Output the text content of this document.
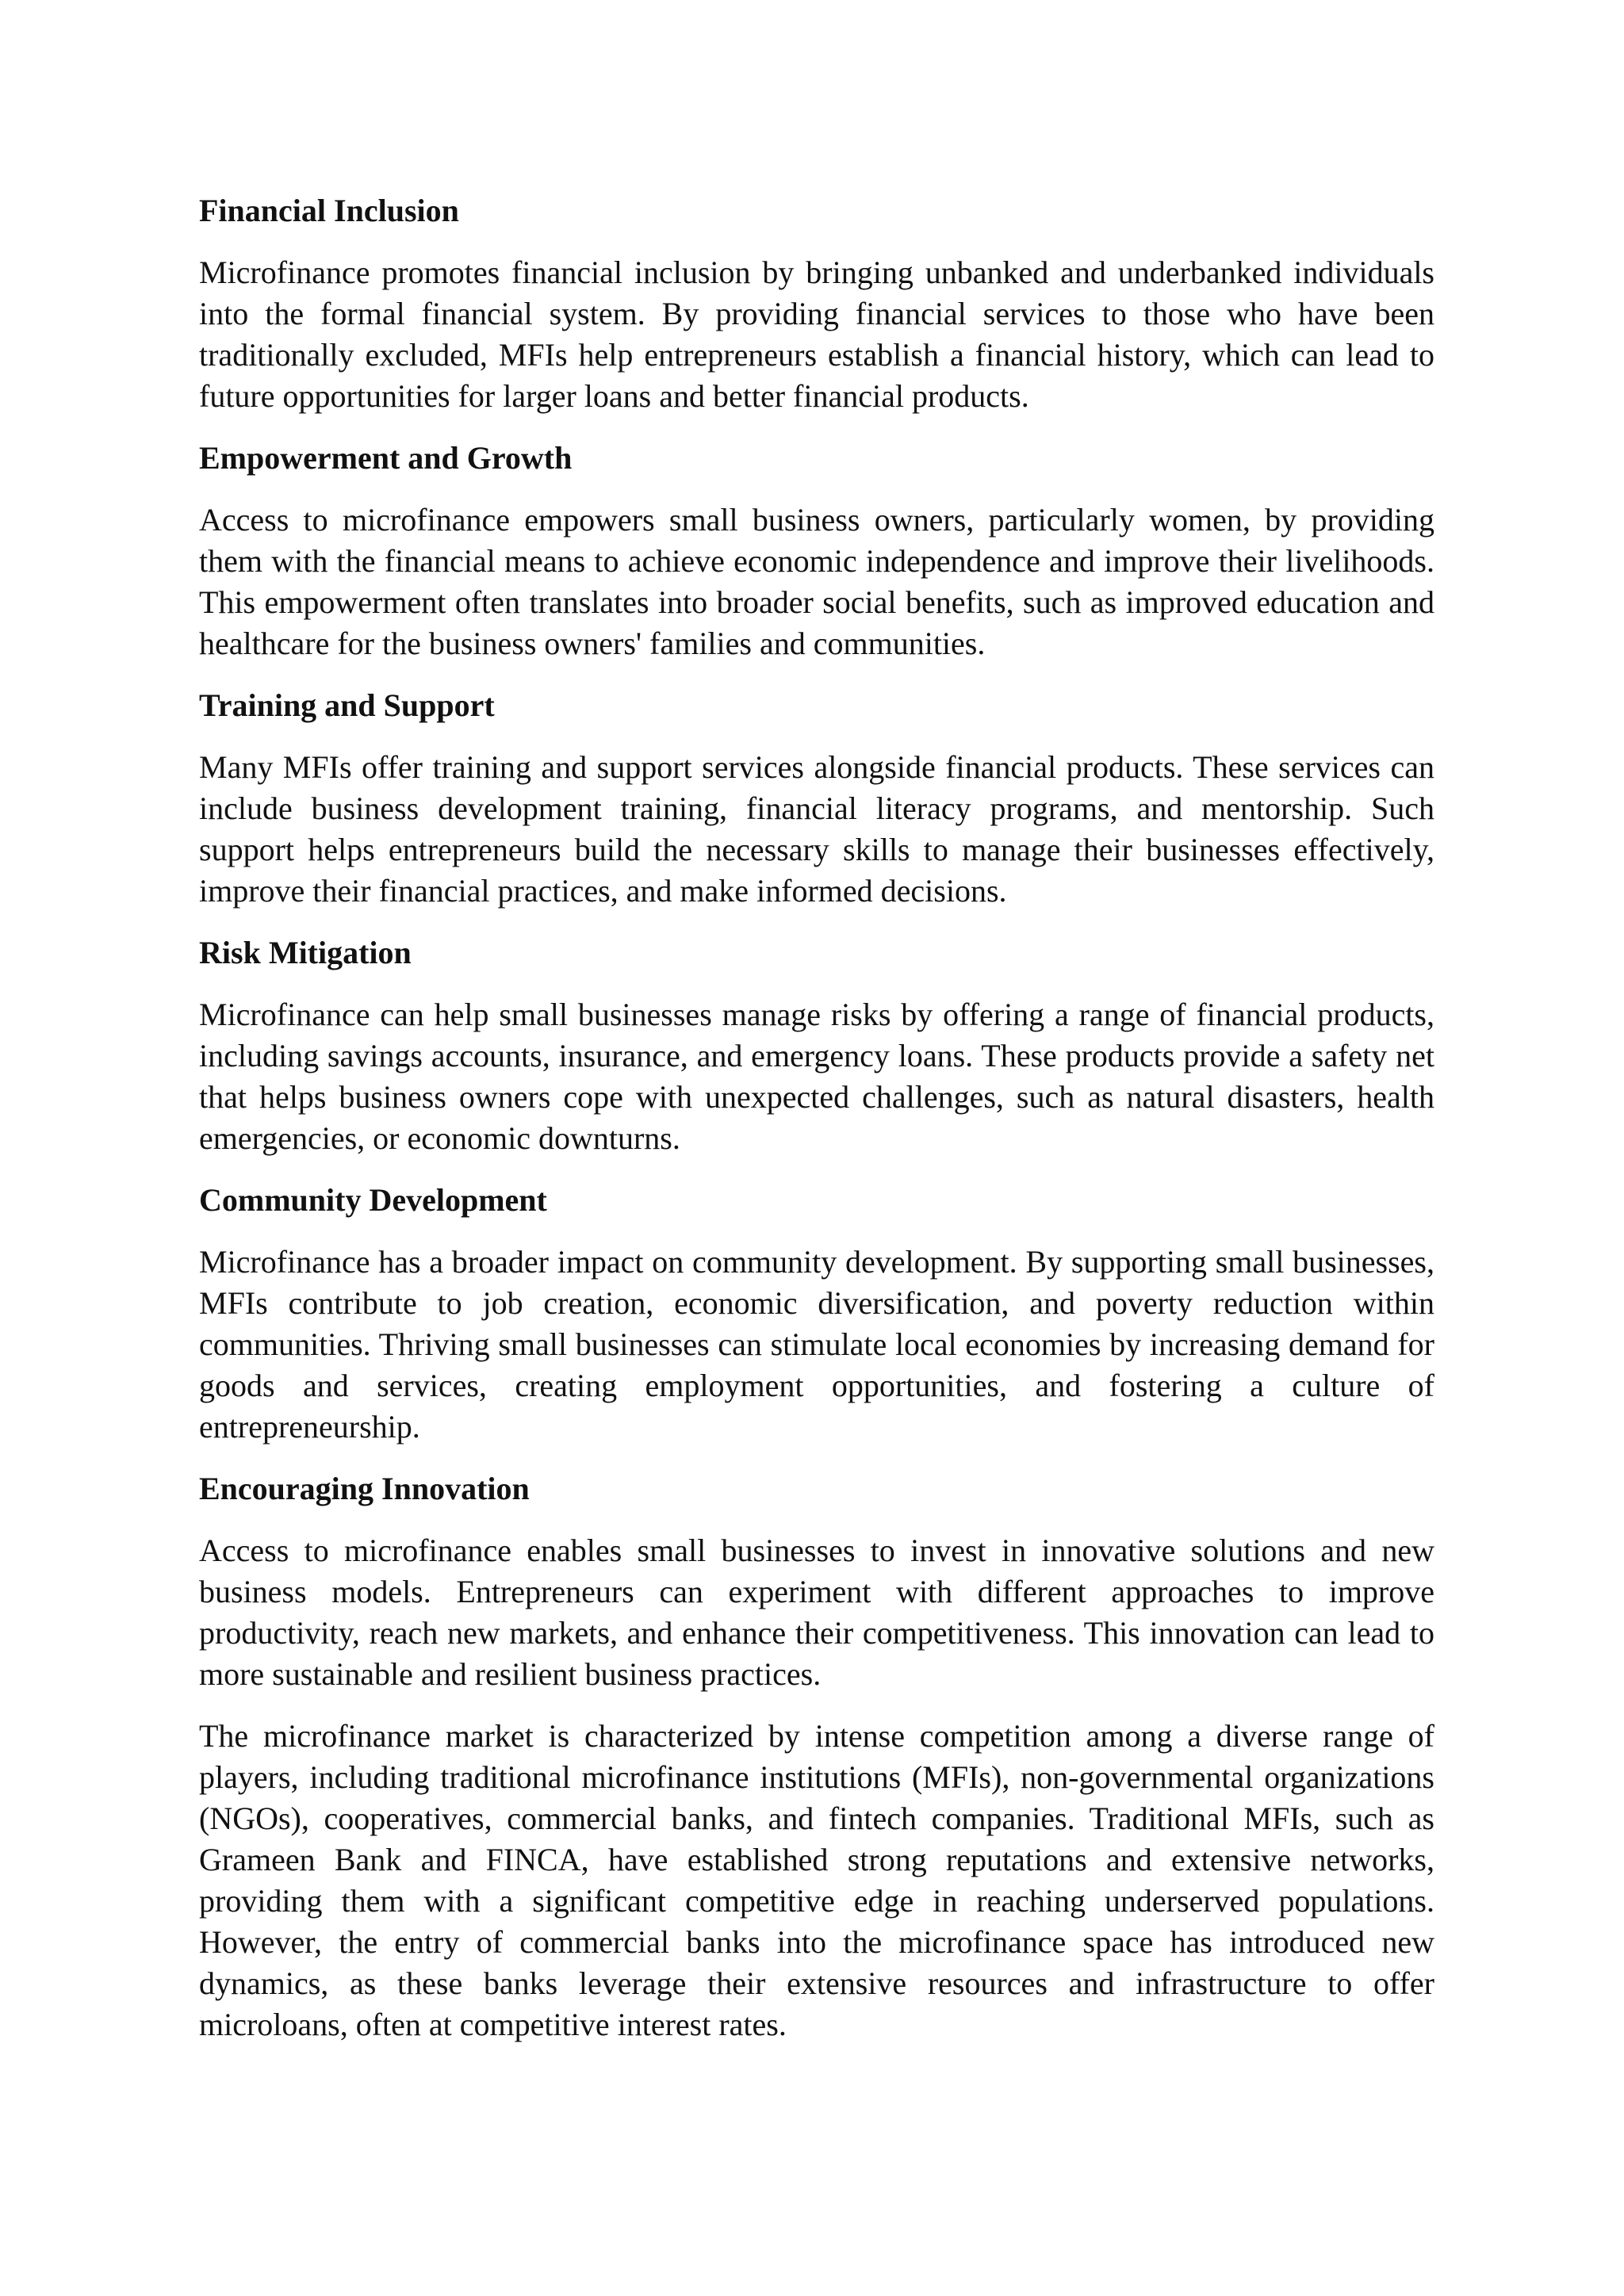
Financial Inclusion

Microfinance promotes financial inclusion by bringing unbanked and underbanked individuals into the formal financial system. By providing financial services to those who have been traditionally excluded, MFIs help entrepreneurs establish a financial history, which can lead to future opportunities for larger loans and better financial products.

Empowerment and Growth

Access to microfinance empowers small business owners, particularly women, by providing them with the financial means to achieve economic independence and improve their livelihoods. This empowerment often translates into broader social benefits, such as improved education and healthcare for the business owners' families and communities.

Training and Support

Many MFIs offer training and support services alongside financial products. These services can include business development training, financial literacy programs, and mentorship. Such support helps entrepreneurs build the necessary skills to manage their businesses effectively, improve their financial practices, and make informed decisions.

Risk Mitigation

Microfinance can help small businesses manage risks by offering a range of financial products, including savings accounts, insurance, and emergency loans. These products provide a safety net that helps business owners cope with unexpected challenges, such as natural disasters, health emergencies, or economic downturns.

Community Development

Microfinance has a broader impact on community development. By supporting small businesses, MFIs contribute to job creation, economic diversification, and poverty reduction within communities. Thriving small businesses can stimulate local economies by increasing demand for goods and services, creating employment opportunities, and fostering a culture of entrepreneurship.

Encouraging Innovation

Access to microfinance enables small businesses to invest in innovative solutions and new business models. Entrepreneurs can experiment with different approaches to improve productivity, reach new markets, and enhance their competitiveness. This innovation can lead to more sustainable and resilient business practices.

The microfinance market is characterized by intense competition among a diverse range of players, including traditional microfinance institutions (MFIs), non-governmental organizations (NGOs), cooperatives, commercial banks, and fintech companies. Traditional MFIs, such as Grameen Bank and FINCA, have established strong reputations and extensive networks, providing them with a significant competitive edge in reaching underserved populations. However, the entry of commercial banks into the microfinance space has introduced new dynamics, as these banks leverage their extensive resources and infrastructure to offer microloans, often at competitive interest rates.
